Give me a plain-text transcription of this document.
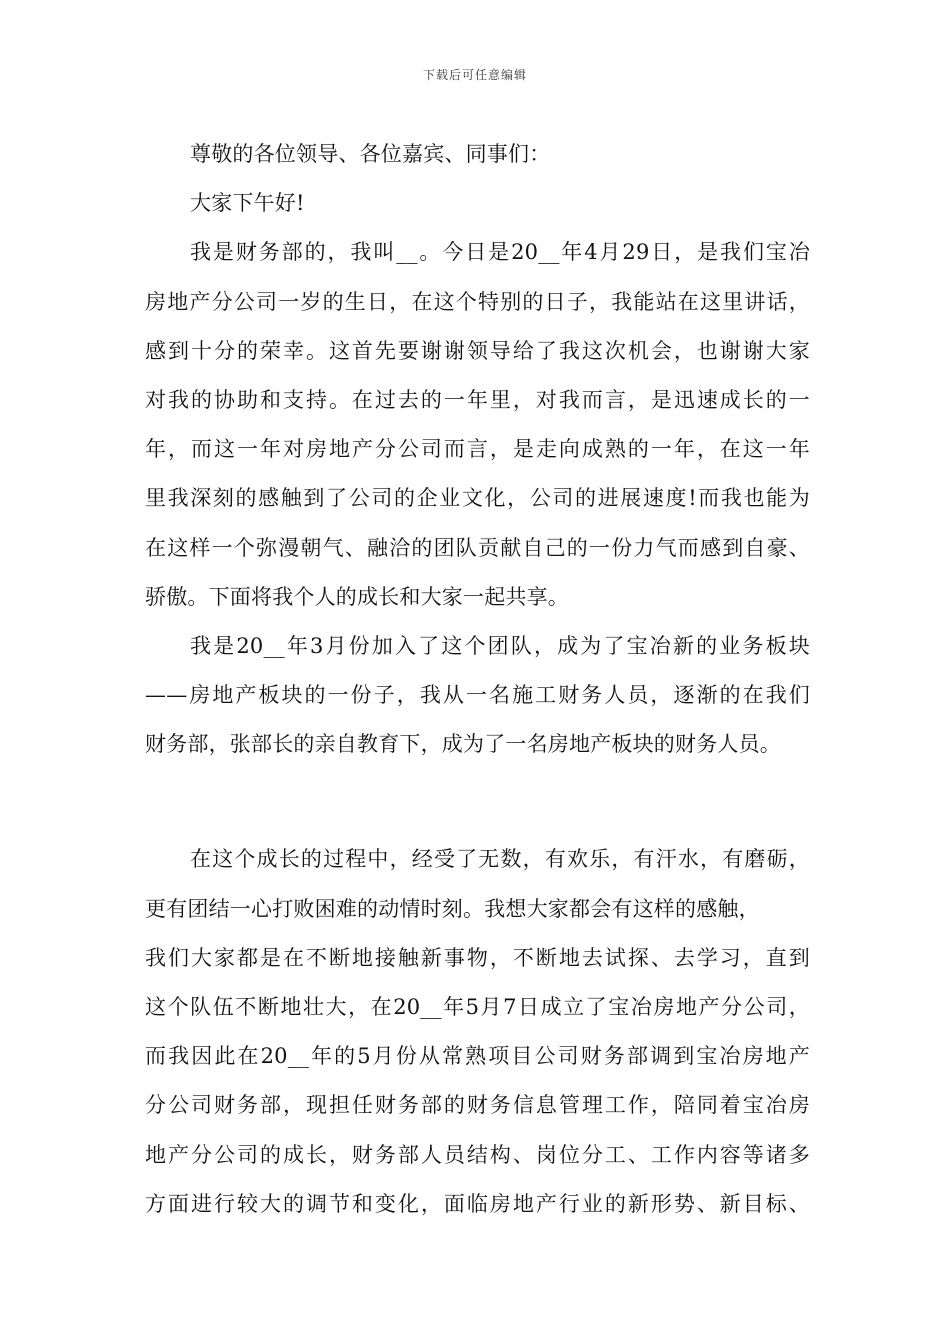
下载后可任意编辑
尊敬的各位领导、各位嘉宾、同事们：
大家下午好!
我是财务部的，我叫__。今日是20__年4月29日，是我们宝冶
房地产分公司一岁的生日，在这个特别的日子，我能站在这里讲话，
感到十分的荣幸。这首先要谢谢领导给了我这次机会，也谢谢大家
对我的协助和支持。在过去的一年里，对我而言，是迅速成长的一
年，而这一年对房地产分公司而言，是走向成熟的一年，在这一年
里我深刻的感触到了公司的企业文化，公司的进展速度!而我也能为
在这样一个弥漫朝气、融洽的团队贡献自己的一份力气而感到自豪、
骄傲。下面将我个人的成长和大家一起共享。
我是20__年3月份加入了这个团队，成为了宝冶新的业务板块
——房地产板块的一份子，我从一名施工财务人员，逐渐的在我们
财务部，张部长的亲自教育下，成为了一名房地产板块的财务人员。
在这个成长的过程中，经受了无数，有欢乐，有汗水，有磨砺，
更有团结一心打败困难的动情时刻。我想大家都会有这样的感触，
我们大家都是在不断地接触新事物，不断地去试探、去学习，直到
这个队伍不断地壮大，在20__年5月7日成立了宝冶房地产分公司，
而我因此在20__年的5月份从常熟项目公司财务部调到宝冶房地产
分公司财务部，现担任财务部的财务信息管理工作，陪同着宝冶房
地产分公司的成长，财务部人员结构、岗位分工、工作内容等诸多
方面进行较大的调节和变化，面临房地产行业的新形势、新目标、
